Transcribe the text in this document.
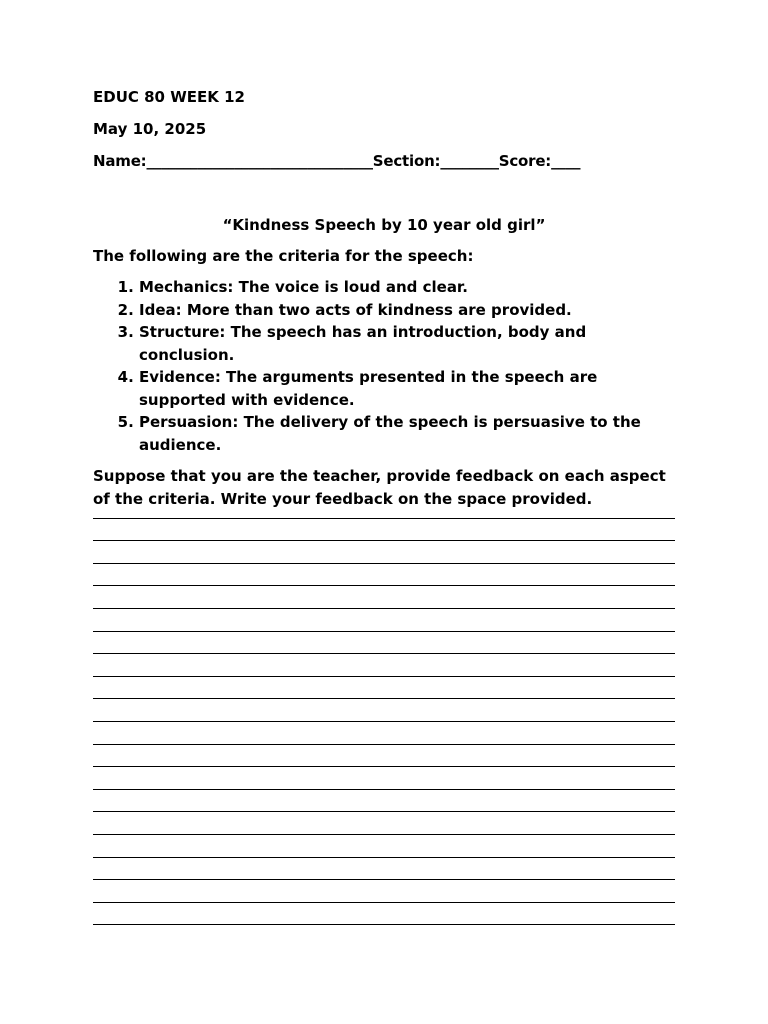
EDUC 80 WEEK 12
May 10, 2025
Name:_______________________________Section:________Score:____
“Kindness Speech by 10 year old girl”
The following are the criteria for the speech:
1. Mechanics: The voice is loud and clear.
2. Idea: More than two acts of kindness are provided.
3. Structure: The speech has an introduction, body and conclusion.
4. Evidence: The arguments presented in the speech are supported with evidence.
5. Persuasion: The delivery of the speech is persuasive to the audience.
Suppose that you are the teacher, provide feedback on each aspect of the criteria. Write your feedback on the space provided.
